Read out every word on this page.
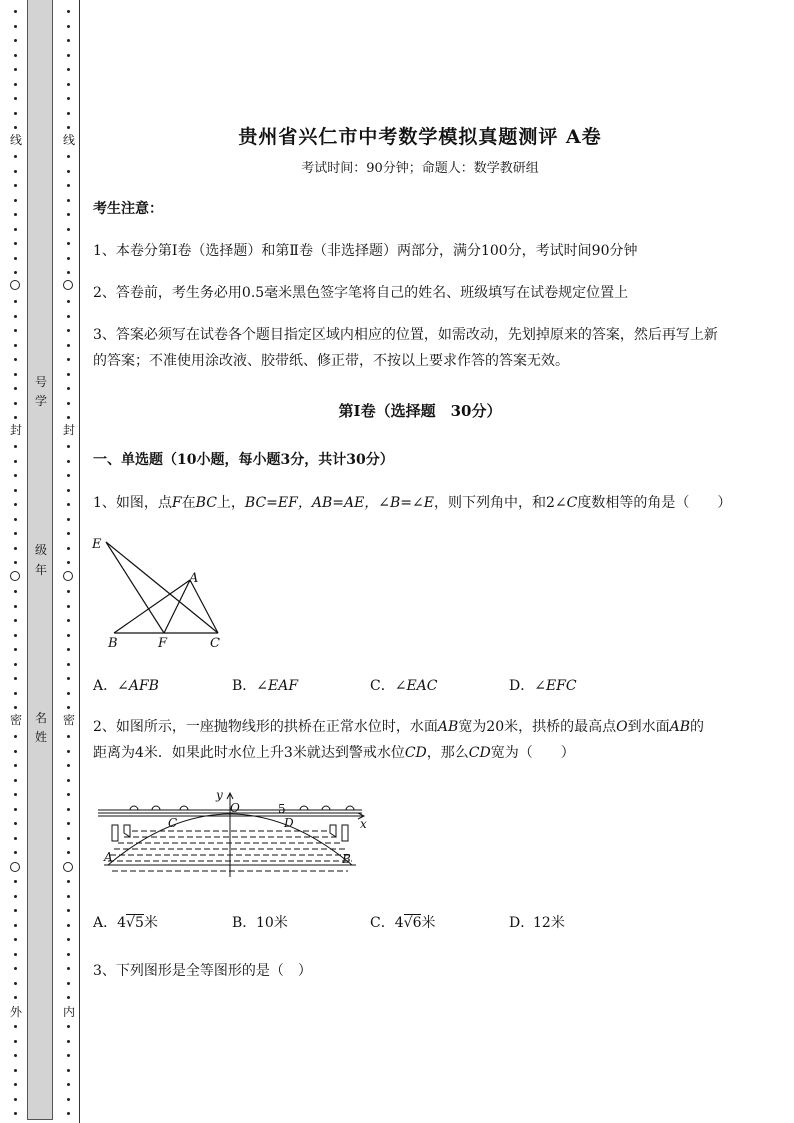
线
封
密
外
号
学
级
年
名
姓
线
封
密
内
贵州省兴仁市中考数学模拟真题测评 A卷
考试时间：90分钟；命题人：数学教研组
考生注意：
1、本卷分第I卷（选择题）和第Ⅱ卷（非选择题）两部分，满分100分，考试时间90分钟
2、答卷前，考生务必用0.5毫米黑色签字笔将自己的姓名、班级填写在试卷规定位置上
3、答案必须写在试卷各个题目指定区域内相应的位置，如需改动，先划掉原来的答案，然后再写上新
的答案；不准使用涂改液、胶带纸、修正带，不按以上要求作答的答案无效。
第I卷（选择题　30分）
一、单选题（10小题，每小题3分，共计30分）
1、如图，点F在BC上，BC=EF，AB=AE，∠B=∠E，则下列角中，和2∠C度数相等的角是（　　）
E
A
B	F	C
A．∠AFB	B．∠EAF	C．∠EAC	D．∠EFC
2、如图所示，一座抛物线形的拱桥在正常水位时，水面AB宽为20米，拱桥的最高点O到水面AB的
距离为4米．如果此时水位上升3米就达到警戒水位CD，那么CD宽为（　　）
y
O
x
C	D
A	B
5
A．4√5米	B． 10米	C．4√6米	D．
12米
3、下列图形是全等图形的是（　）
